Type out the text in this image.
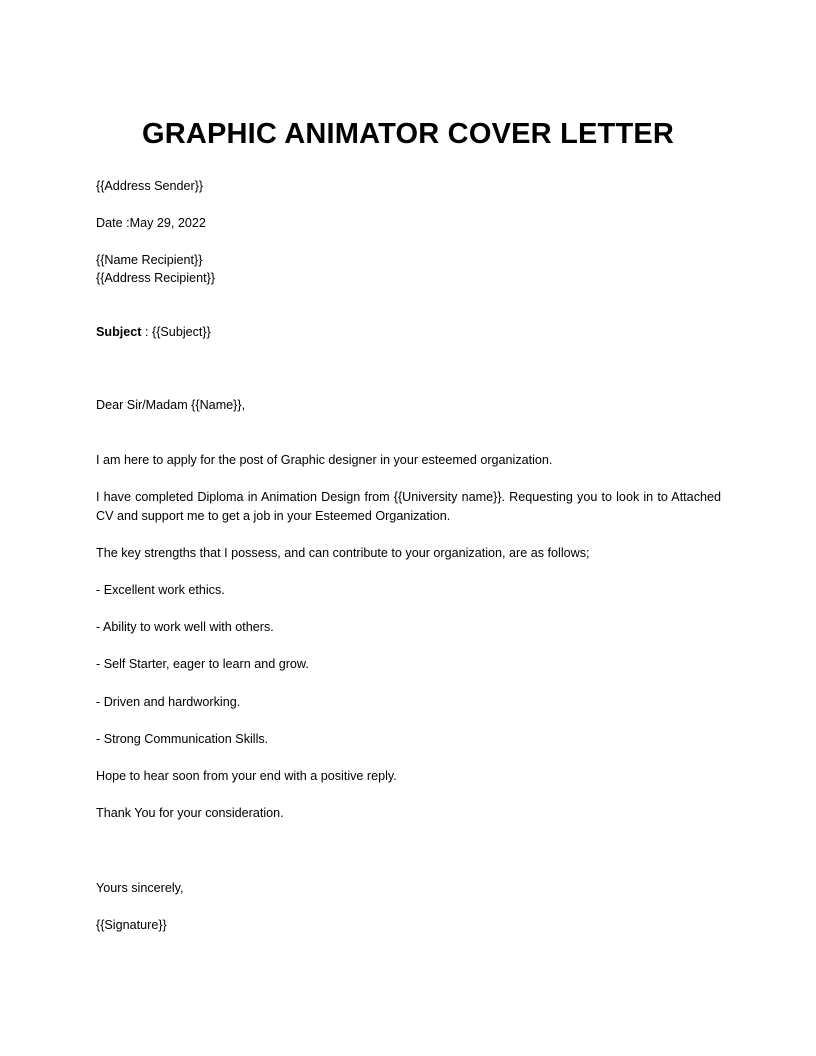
GRAPHIC ANIMATOR COVER LETTER
{{Address Sender}}
Date :May 29, 2022
{{Name Recipient}}
{{Address Recipient}}
Subject : {{Subject}}
Dear Sir/Madam {{Name}},
I am here to apply for the post of Graphic designer in your esteemed organization.
I have completed Diploma in Animation Design from {{University name}}. Requesting you to look in to Attached CV and support me to get a job in your Esteemed Organization.
The key strengths that I possess, and can contribute to your organization, are as follows;
- Excellent work ethics.
- Ability to work well with others.
- Self Starter, eager to learn and grow.
- Driven and hardworking.
- Strong Communication Skills.
Hope to hear soon from your end with a positive reply.
Thank You for your consideration.
Yours sincerely,
{{Signature}}
